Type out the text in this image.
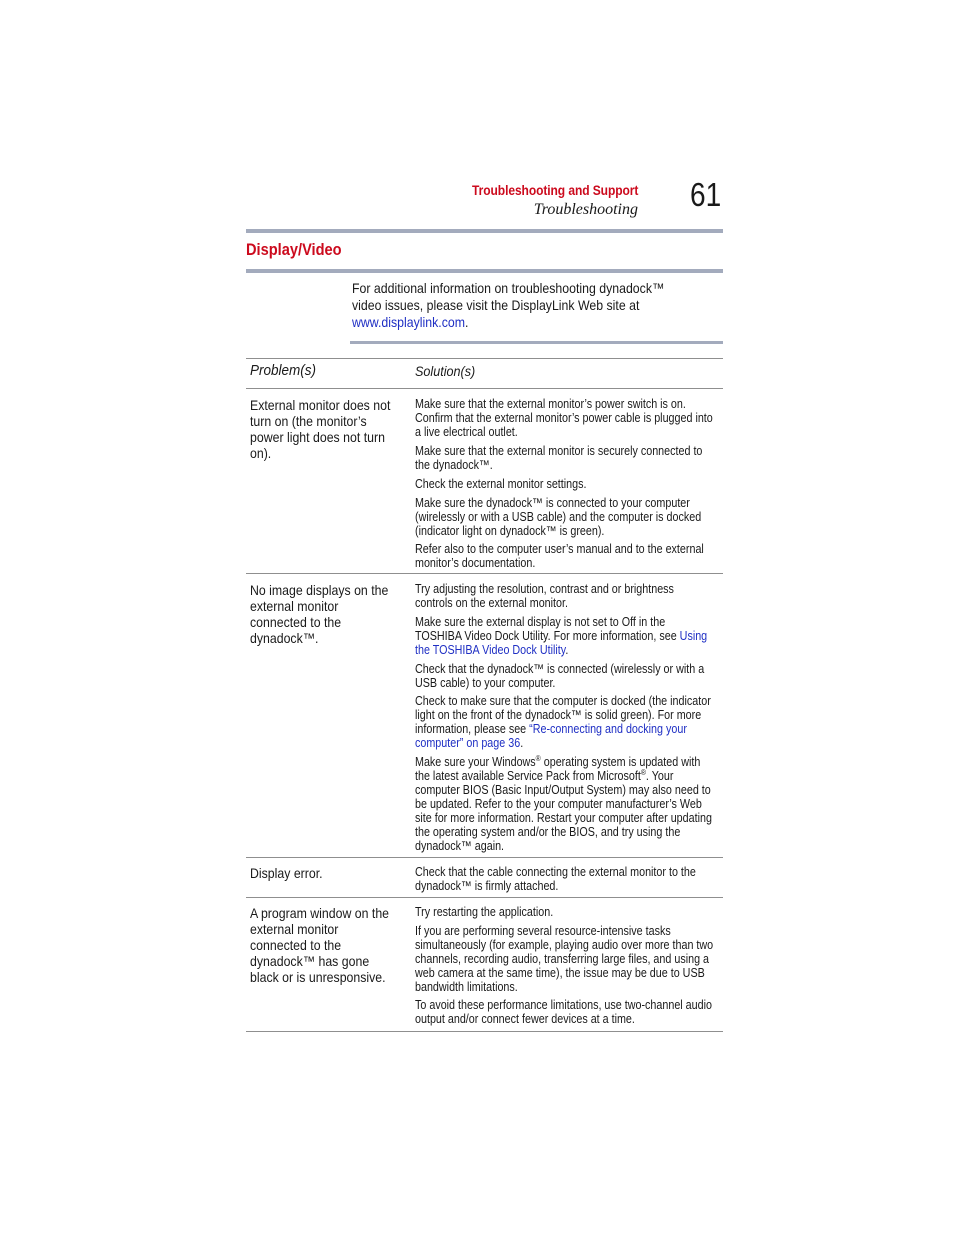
Troubleshooting and Support
Troubleshooting 61
Display/Video
For additional information on troubleshooting dynadock™ video issues, please visit the DisplayLink Web site at www.displaylink.com.
Problem(s)	Solution(s)
External monitor does not turn on (the monitor’s power light does not turn on).
Make sure that the external monitor’s power switch is on. Confirm that the external monitor’s power cable is plugged into a live electrical outlet.
Make sure that the external monitor is securely connected to the dynadock™.
Check the external monitor settings.
Make sure the dynadock™ is connected to your computer (wirelessly or with a USB cable) and the computer is docked (indicator light on dynadock™ is green).
Refer also to the computer user’s manual and to the external monitor’s documentation.
No image displays on the external monitor connected to the dynadock™.
Try adjusting the resolution, contrast and or brightness controls on the external monitor.
Make sure the external display is not set to Off in the TOSHIBA Video Dock Utility. For more information, see Using the TOSHIBA Video Dock Utility.
Check that the dynadock™ is connected (wirelessly or with a USB cable) to your computer.
Check to make sure that the computer is docked (the indicator light on the front of the dynadock™ is solid green). For more information, please see “Re-connecting and docking your computer” on page 36.
Make sure your Windows® operating system is updated with the latest available Service Pack from Microsoft®. Your computer BIOS (Basic Input/Output System) may also need to be updated. Refer to the your computer manufacturer’s Web site for more information. Restart your computer after updating the operating system and/or the BIOS, and try using the dynadock™ again.
Display error.	Check that the cable connecting the external monitor to the dynadock™ is firmly attached.
A program window on the external monitor connected to the dynadock™ has gone black or is unresponsive.
Try restarting the application.
If you are performing several resource-intensive tasks simultaneously (for example, playing audio over more than two channels, recording audio, transferring large files, and using a web camera at the same time), the issue may be due to USB bandwidth limitations.
To avoid these performance limitations, use two-channel audio output and/or connect fewer devices at a time.
